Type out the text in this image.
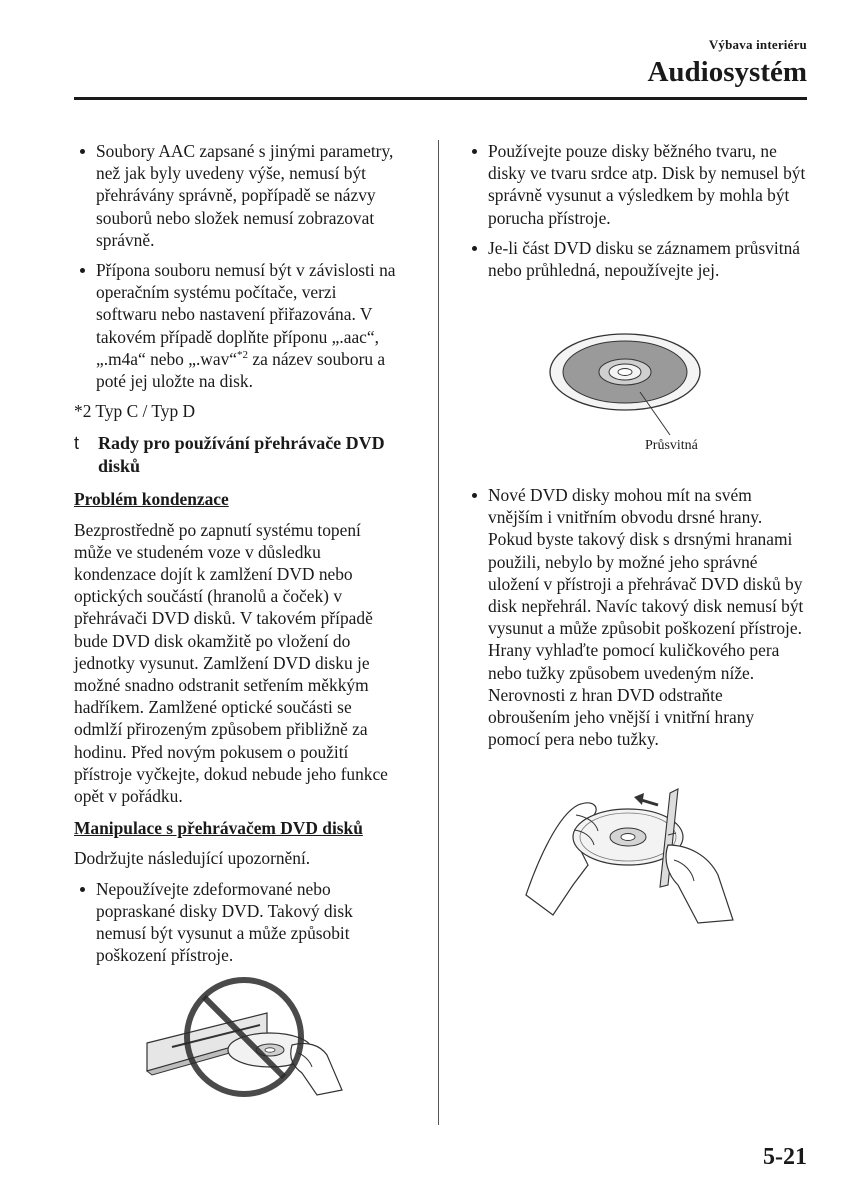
Výbava interiéru
Audiosystém
Soubory AAC zapsané s jinými parametry, než jak byly uvedeny výše, nemusí být přehrávány správně, popřípadě se názvy souborů nebo složek nemusí zobrazovat správně.
Přípona souboru nemusí být v závislosti na operačním systému počítače, verzi softwaru nebo nastavení přiřazována. V takovém případě doplňte příponu „.aac“, „.m4a“ nebo „.wav“$^{*2}$ za název souboru a poté jej uložte na disk.
*2 Typ C / Typ D
t Rady pro používání přehrávače DVD disků
Problém kondenzace
Bezprostředně po zapnutí systému topení může ve studeném voze v důsledku kondenzace dojít k zamlžení DVD nebo optických součástí (hranolů a čoček) v přehrávači DVD disků. V takovém případě bude DVD disk okamžitě po vložení do jednotky vysunut. Zamlžení DVD disku je možné snadno odstranit setřením měkkým hadříkem. Zamlžené optické součásti se odmlží přirozeným způsobem přibližně za hodinu. Před novým pokusem o použití přístroje vyčkejte, dokud nebude jeho funkce opět v pořádku.
Manipulace s přehrávačem DVD disků
Dodržujte následující upozornění.
Nepoužívejte zdeformované nebo popraskané disky DVD. Takový disk nemusí být vysunut a může způsobit poškození přístroje.
Používejte pouze disky běžného tvaru, ne disky ve tvaru srdce atp. Disk by nemusel být správně vysunut a výsledkem by mohla být porucha přístroje.
Je-li část DVD disku se záznamem průsvitná nebo průhledná, nepoužívejte jej.
Průsvitná
Nové DVD disky mohou mít na svém vnějším i vnitřním obvodu drsné hrany. Pokud byste takový disk s drsnými hranami použili, nebylo by možné jeho správné uložení v přístroji a přehrávač DVD disků by disk nepřehrál. Navíc takový disk nemusí být vysunut a může způsobit poškození přístroje. Hrany vyhlaďte pomocí kuličkového pera nebo tužky způsobem uvedeným níže. Nerovnosti z hran DVD odstraňte obroušením jeho vnější i vnitřní hrany pomocí pera nebo tužky.
5-21
